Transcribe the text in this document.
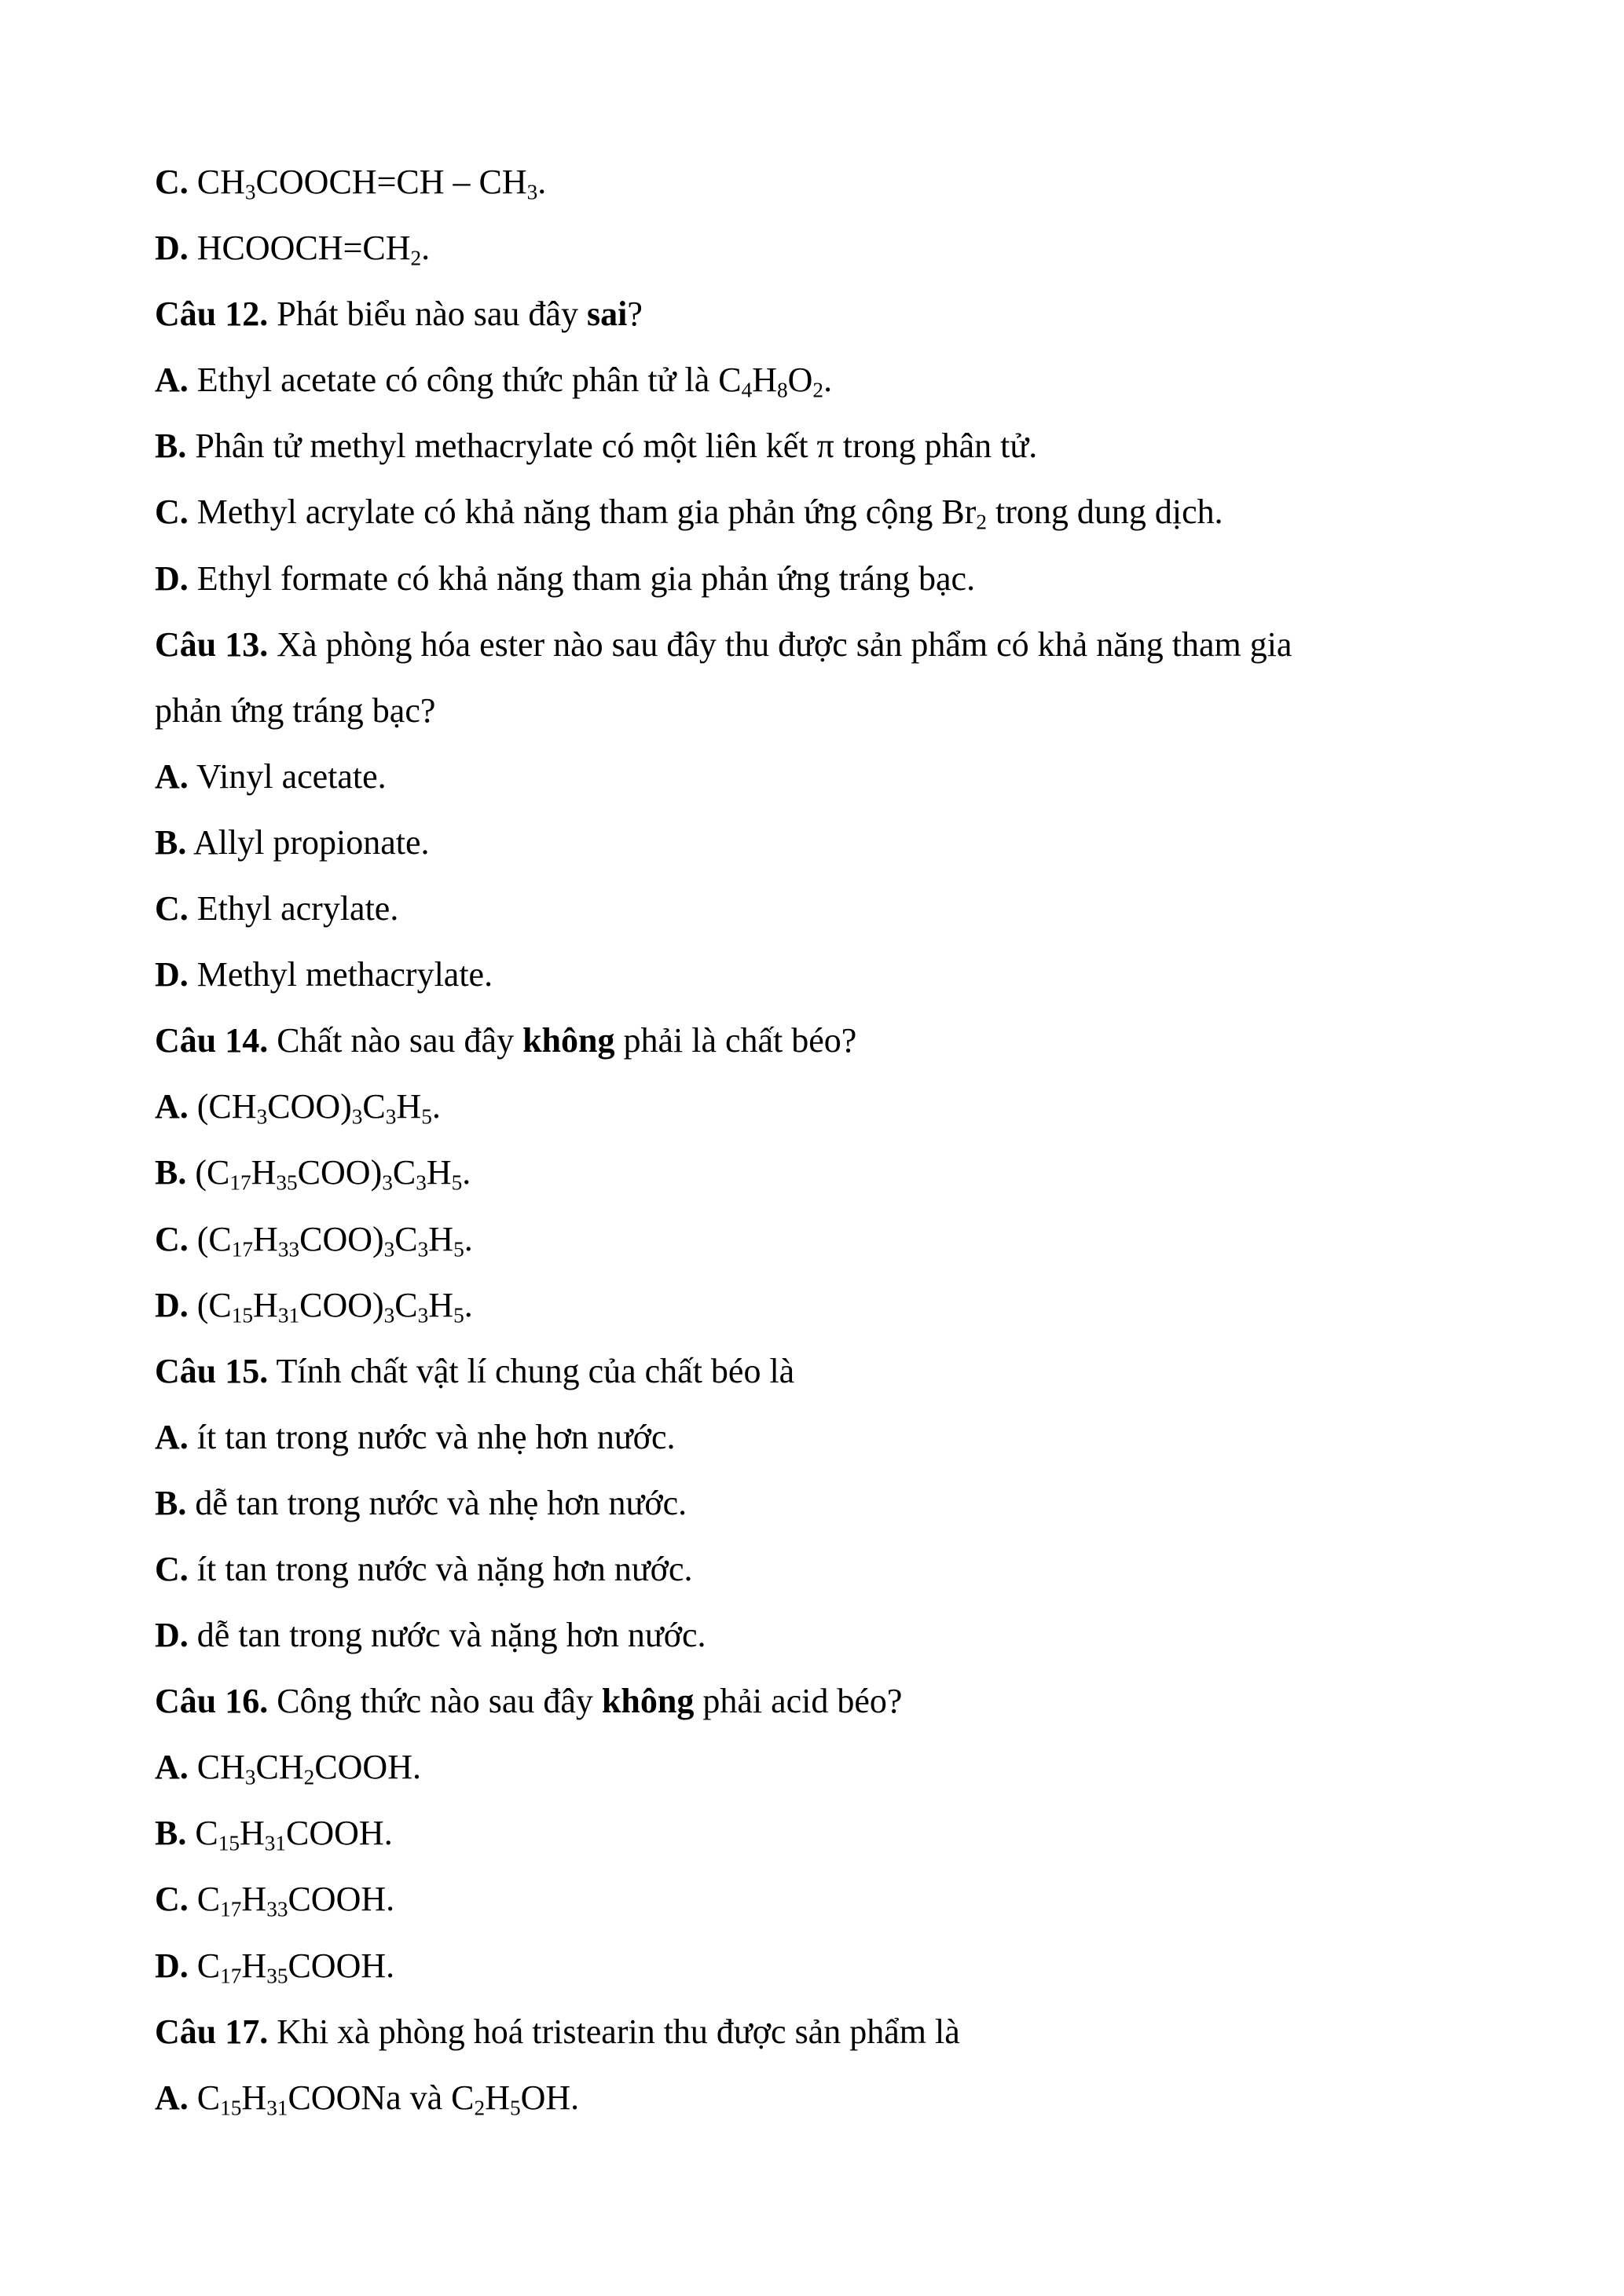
C. $CH_3COOCH=CH - CH_3$.
D. $HCOOCH=CH_2$.
Câu 12. Phát biểu nào sau đây sai?
A. Ethyl acetate có công thức phân tử là $C_4H_8O_2$.
B. Phân tử methyl methacrylate có một liên kết π trong phân tử.
C. Methyl acrylate có khả năng tham gia phản ứng cộng $Br_2$ trong dung dịch.
D. Ethyl formate có khả năng tham gia phản ứng tráng bạc.
Câu 13. Xà phòng hóa ester nào sau đây thu được sản phẩm có khả năng tham gia
phản ứng tráng bạc?
A. Vinyl acetate.
B. Allyl propionate.
C. Ethyl acrylate.
D. Methyl methacrylate.
Câu 14. Chất nào sau đây không phải là chất béo?
A. $(CH_3COO)_3C_3H_5$.
B. $(C_{17}H_{35}COO)_3C_3H_5$.
C. $(C_{17}H_{33}COO)_3C_3H_5$.
D. $(C_{15}H_{31}COO)_3C_3H_5$.
Câu 15. Tính chất vật lí chung của chất béo là
A. ít tan trong nước và nhẹ hơn nước.
B. dễ tan trong nước và nhẹ hơn nước.
C. ít tan trong nước và nặng hơn nước.
D. dễ tan trong nước và nặng hơn nước.
Câu 16. Công thức nào sau đây không phải acid béo?
A. $CH_3CH_2COOH$.
B. $C_{15}H_{31}COOH$.
C. $C_{17}H_{33}COOH$.
D. $C_{17}H_{35}COOH$.
Câu 17. Khi xà phòng hoá tristearin thu được sản phẩm là
A. $C_{15}H_{31}COONa$ và $C_2H_5OH$.
